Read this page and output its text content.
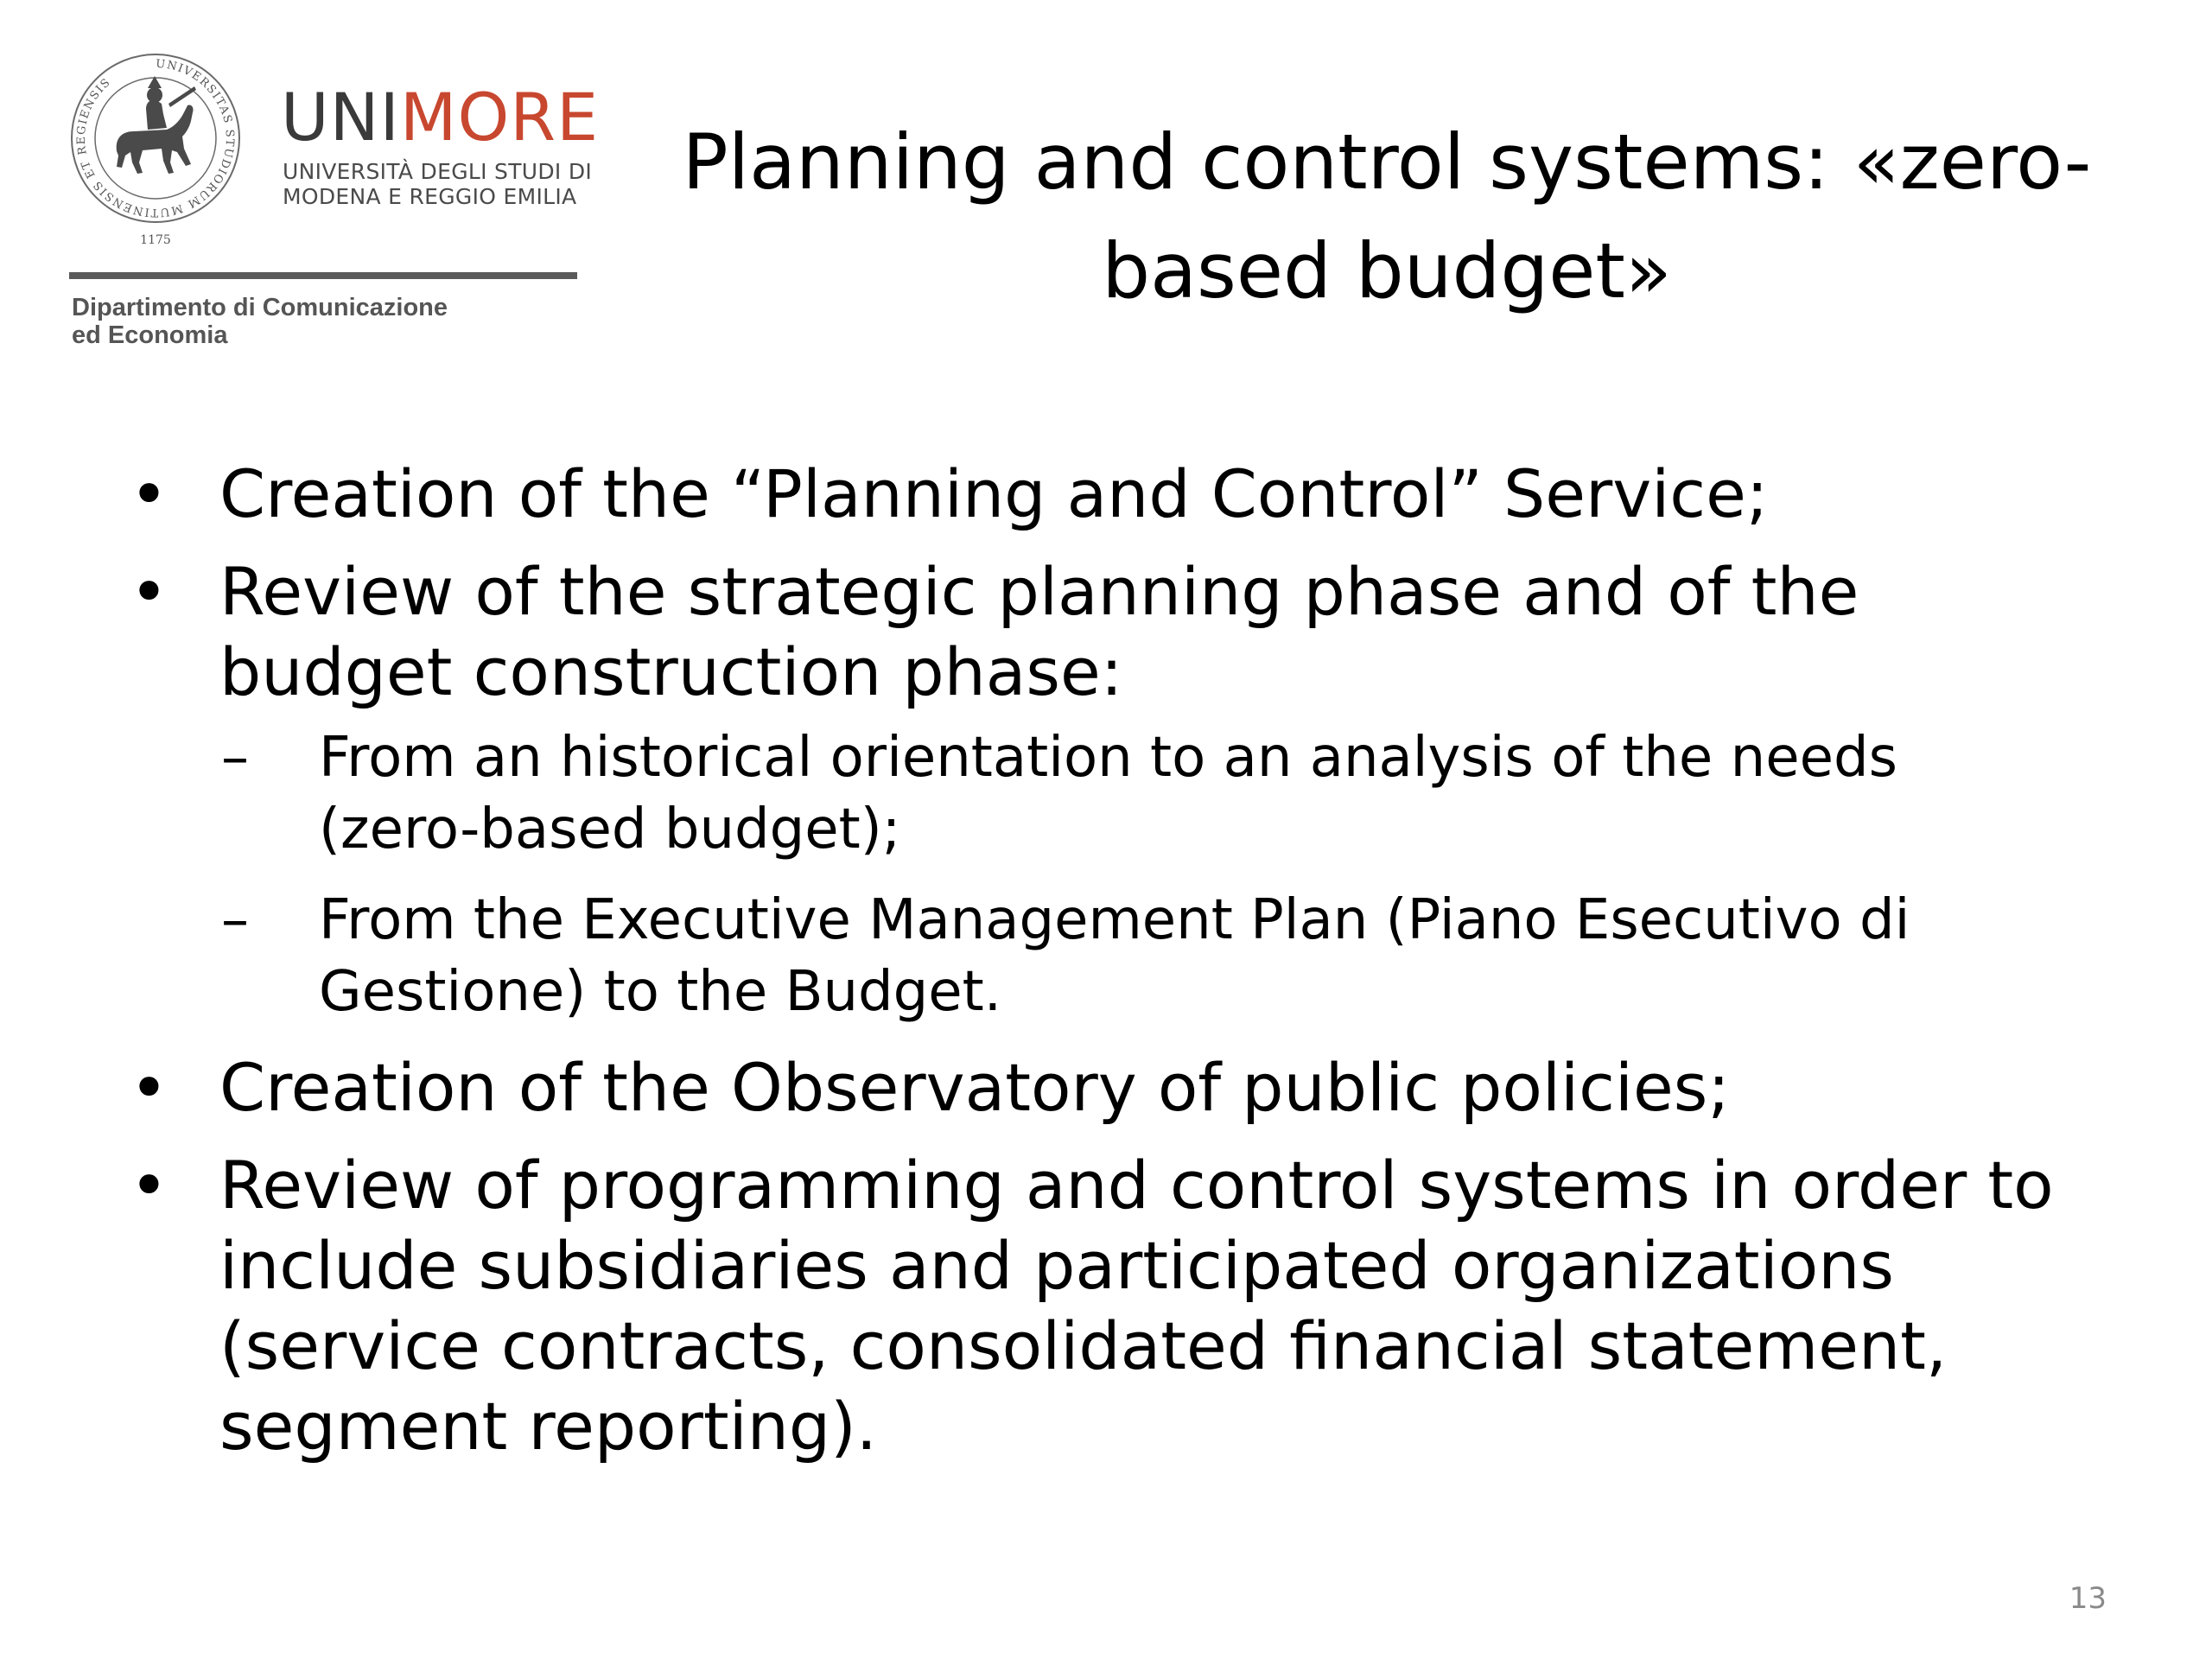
UNIVERSITAS STUDIORUM MUTINENSIS ET REGIENSIS
1175
UNIMORE
UNIVERSITÀ DEGLI STUDI DI
MODENA E REGGIO EMILIA
Dipartimento di Comunicazione
ed Economia
Planning and control systems: «zero-
based budget»
• Creation of the “Planning and Control” Service;
• Review of the strategic planning phase and of the budget construction phase:
–	From an historical orientation to an analysis of the needs (zero-based budget);
–	From the Executive Management Plan (Piano Esecutivo di Gestione) to the Budget.
• Creation of the Observatory of public policies;
• Review of programming and control systems in order to include subsidiaries and participated organizations (service contracts, consolidated financial statement, segment reporting).
13
